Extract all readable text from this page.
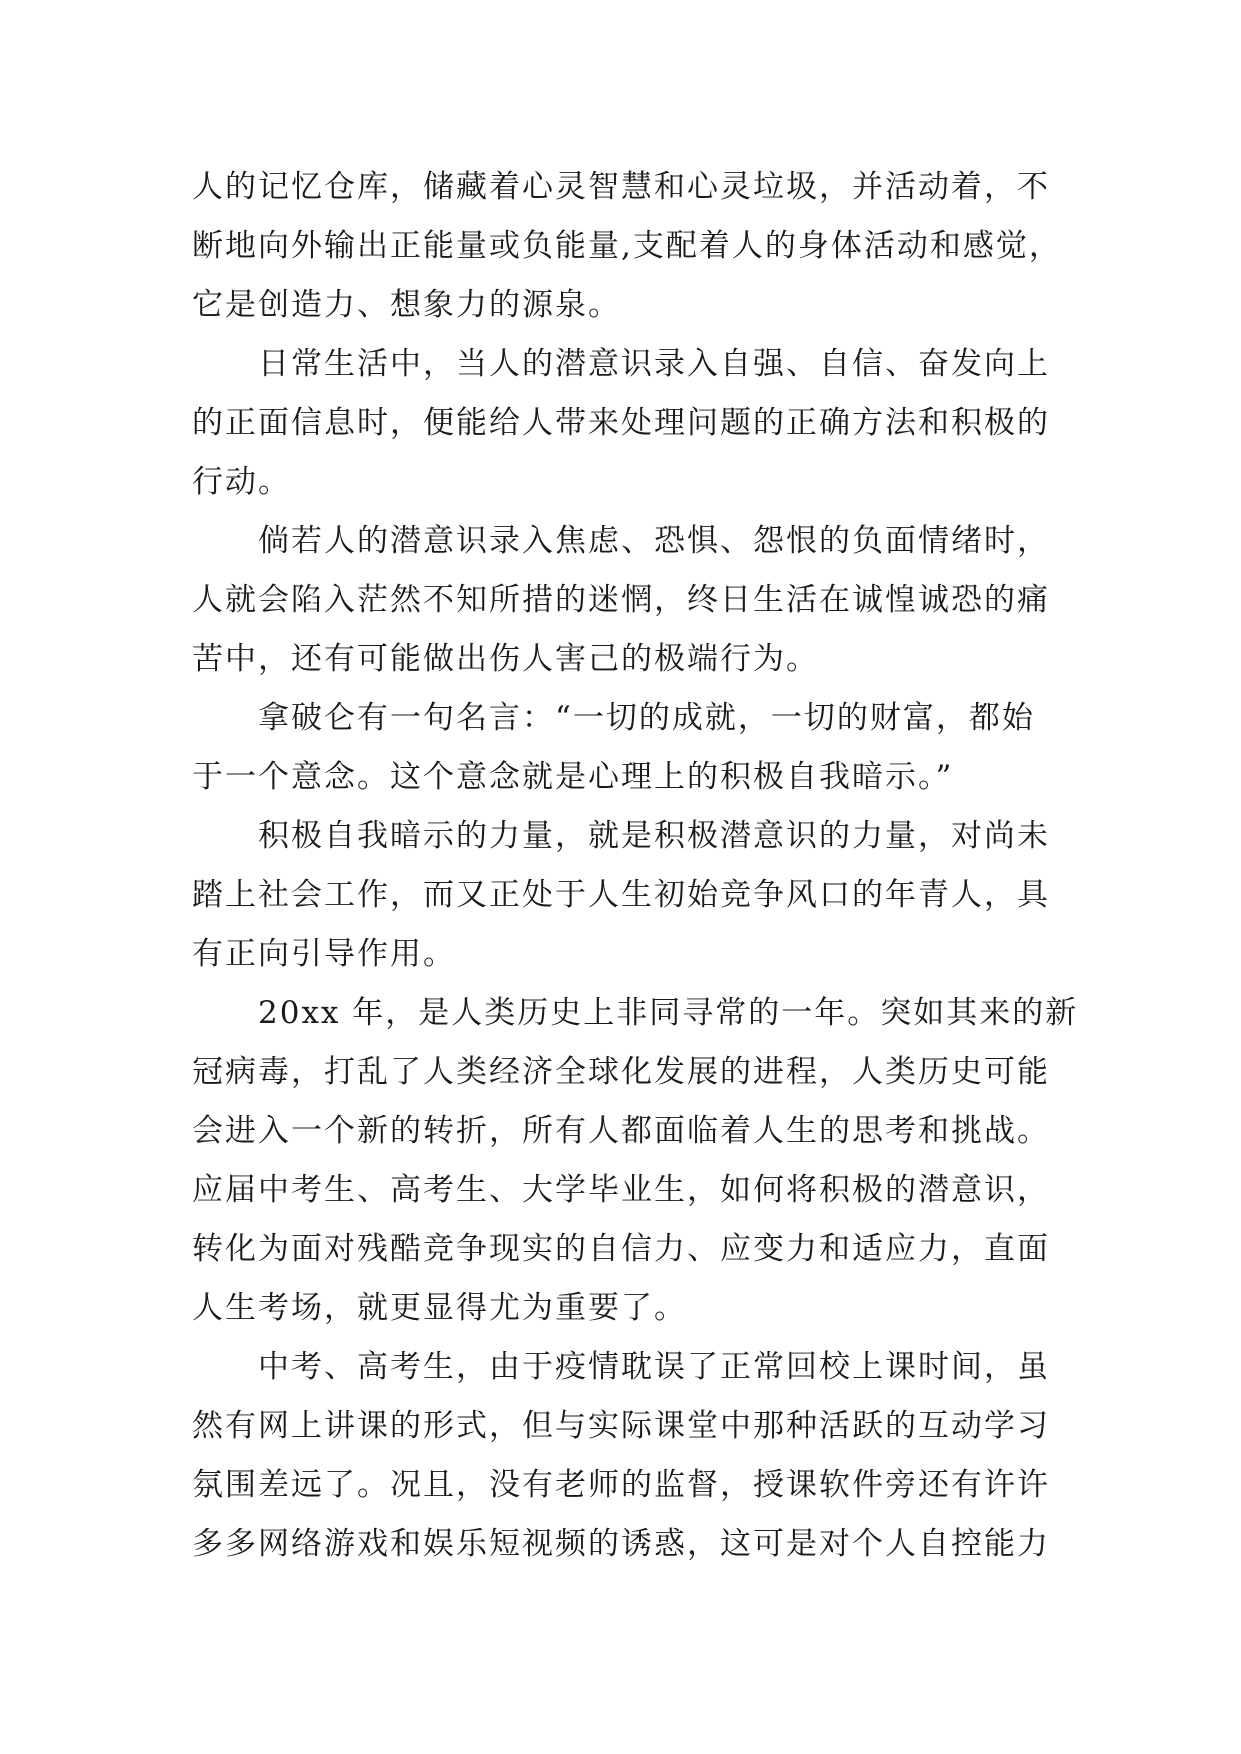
人的记忆仓库，储藏着心灵智慧和心灵垃圾，并活动着，不
断地向外输出正能量或负能量,支配着人的身体活动和感觉，
它是创造力、想象力的源泉。
日常生活中，当人的潜意识录入自强、自信、奋发向上
的正面信息时，便能给人带来处理问题的正确方法和积极的
行动。
倘若人的潜意识录入焦虑、恐惧、怨恨的负面情绪时，
人就会陷入茫然不知所措的迷惘，终日生活在诚惶诚恐的痛
苦中，还有可能做出伤人害己的极端行为。
拿破仑有一句名言：“一切的成就，一切的财富，都始
于一个意念。这个意念就是心理上的积极自我暗示。”
积极自我暗示的力量，就是积极潜意识的力量，对尚未
踏上社会工作，而又正处于人生初始竞争风口的年青人，具
有正向引导作用。
20xx 年，是人类历史上非同寻常的一年。突如其来的新
冠病毒，打乱了人类经济全球化发展的进程，人类历史可能
会进入一个新的转折，所有人都面临着人生的思考和挑战。
应届中考生、高考生、大学毕业生，如何将积极的潜意识，
转化为面对残酷竞争现实的自信力、应变力和适应力，直面
人生考场，就更显得尤为重要了。
中考、高考生，由于疫情耽误了正常回校上课时间，虽
然有网上讲课的形式，但与实际课堂中那种活跃的互动学习
氛围差远了。况且，没有老师的监督，授课软件旁还有许许
多多网络游戏和娱乐短视频的诱惑，这可是对个人自控能力
